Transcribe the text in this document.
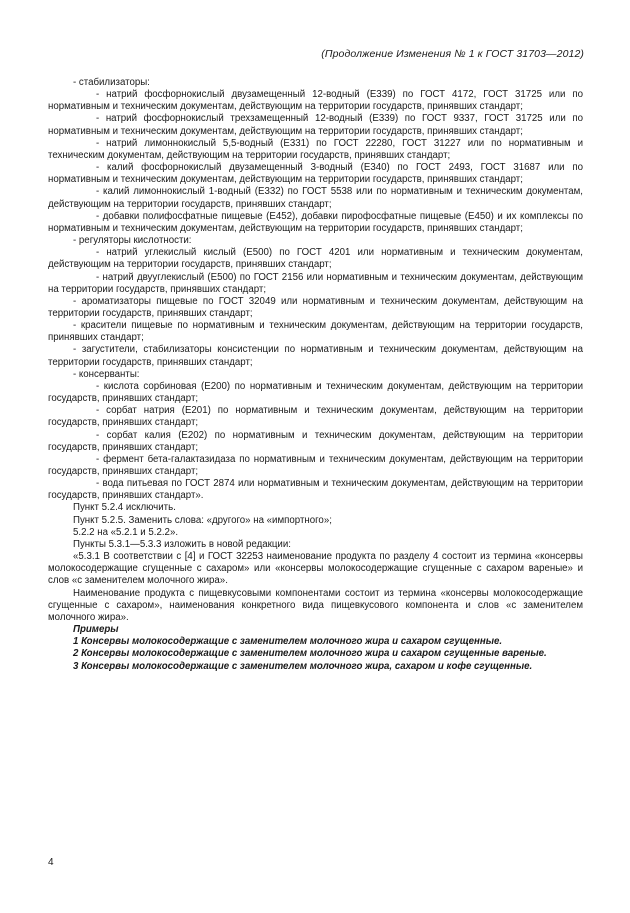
(Продолжение Изменения № 1 к ГОСТ 31703—2012)

- стабилизаторы:

- натрий фосфорнокислый двузамещенный 12-водный (Е339) по ГОСТ 4172, ГОСТ 31725 или по нормативным и техническим документам, действующим на территории государств, принявших стандарт;

- натрий фосфорнокислый трехзамещенный 12-водный (Е339) по ГОСТ 9337, ГОСТ 31725 или по нормативным и техническим документам, действующим на территории государств, принявших стандарт;

- натрий лимоннокислый 5,5-водный (Е331) по ГОСТ 22280, ГОСТ 31227 или по нормативным и техническим документам, действующим на территории государств, принявших стандарт;

- калий фосфорнокислый двузамещенный 3-водный (Е340) по ГОСТ 2493, ГОСТ 31687 или по нормативным и техническим документам, действующим на территории государств, принявших стандарт;

- калий лимоннокислый 1-водный (Е332) по ГОСТ 5538 или по нормативным и техническим документам, действующим на территории государств, принявших стандарт;

- добавки полифосфатные пищевые (Е452), добавки пирофосфатные пищевые (Е450) и их комплексы по нормативным и техническим документам, действующим на территории государств, принявших стандарт;

- регуляторы кислотности:

- натрий углекислый кислый (Е500) по ГОСТ 4201 или нормативным и техническим документам, действующим на территории государств, принявших стандарт;

- натрий двууглекислый (Е500) по ГОСТ 2156 или нормативным и техническим документам, действующим на территории государств, принявших стандарт;

- ароматизаторы пищевые по ГОСТ 32049 или нормативным и техническим документам, действующим на территории государств, принявших стандарт;

- красители пищевые по нормативным и техническим документам, действующим на территории государств, принявших стандарт;

- загустители, стабилизаторы консистенции по нормативным и техническим документам, действующим на территории государств, принявших стандарт;

- консерванты:

- кислота сорбиновая (Е200) по нормативным и техническим документам, действующим на территории государств, принявших стандарт;

- сорбат натрия (Е201) по нормативным и техническим документам, действующим на территории государств, принявших стандарт;

- сорбат калия (Е202) по нормативным и техническим документам, действующим на территории государств, принявших стандарт;

- фермент бета-галактазидаза по нормативным и техническим документам, действующим на территории государств, принявших стандарт;

- вода питьевая по ГОСТ 2874 или нормативным и техническим документам, действующим на территории государств, принявших стандарт».

Пункт 5.2.4 исключить.

Пункт 5.2.5. Заменить слова: «другого» на «импортного»;

5.2.2 на «5.2.1 и 5.2.2».

Пункты 5.3.1—5.3.3 изложить в новой редакции:

«5.3.1 В соответствии с [4] и ГОСТ 32253 наименование продукта по разделу 4 состоит из термина «консервы молокосодержащие сгущенные с сахаром» или «консервы молокосодержащие сгущенные с сахаром вареные» и слов «с заменителем молочного жира».

Наименование продукта с пищевкусовыми компонентами состоит из термина «консервы молокосодержащие сгущенные с сахаром», наименования конкретного вида пищевкусового компонента и слов «с заменителем молочного жира».

Примеры

1 Консервы молокосодержащие с заменителем молочного жира и сахаром сгущенные.

2 Консервы молокосодержащие с заменителем молочного жира и сахаром сгущенные вареные.

3 Консервы молокосодержащие с заменителем молочного жира, сахаром и кофе сгущенные.

4
